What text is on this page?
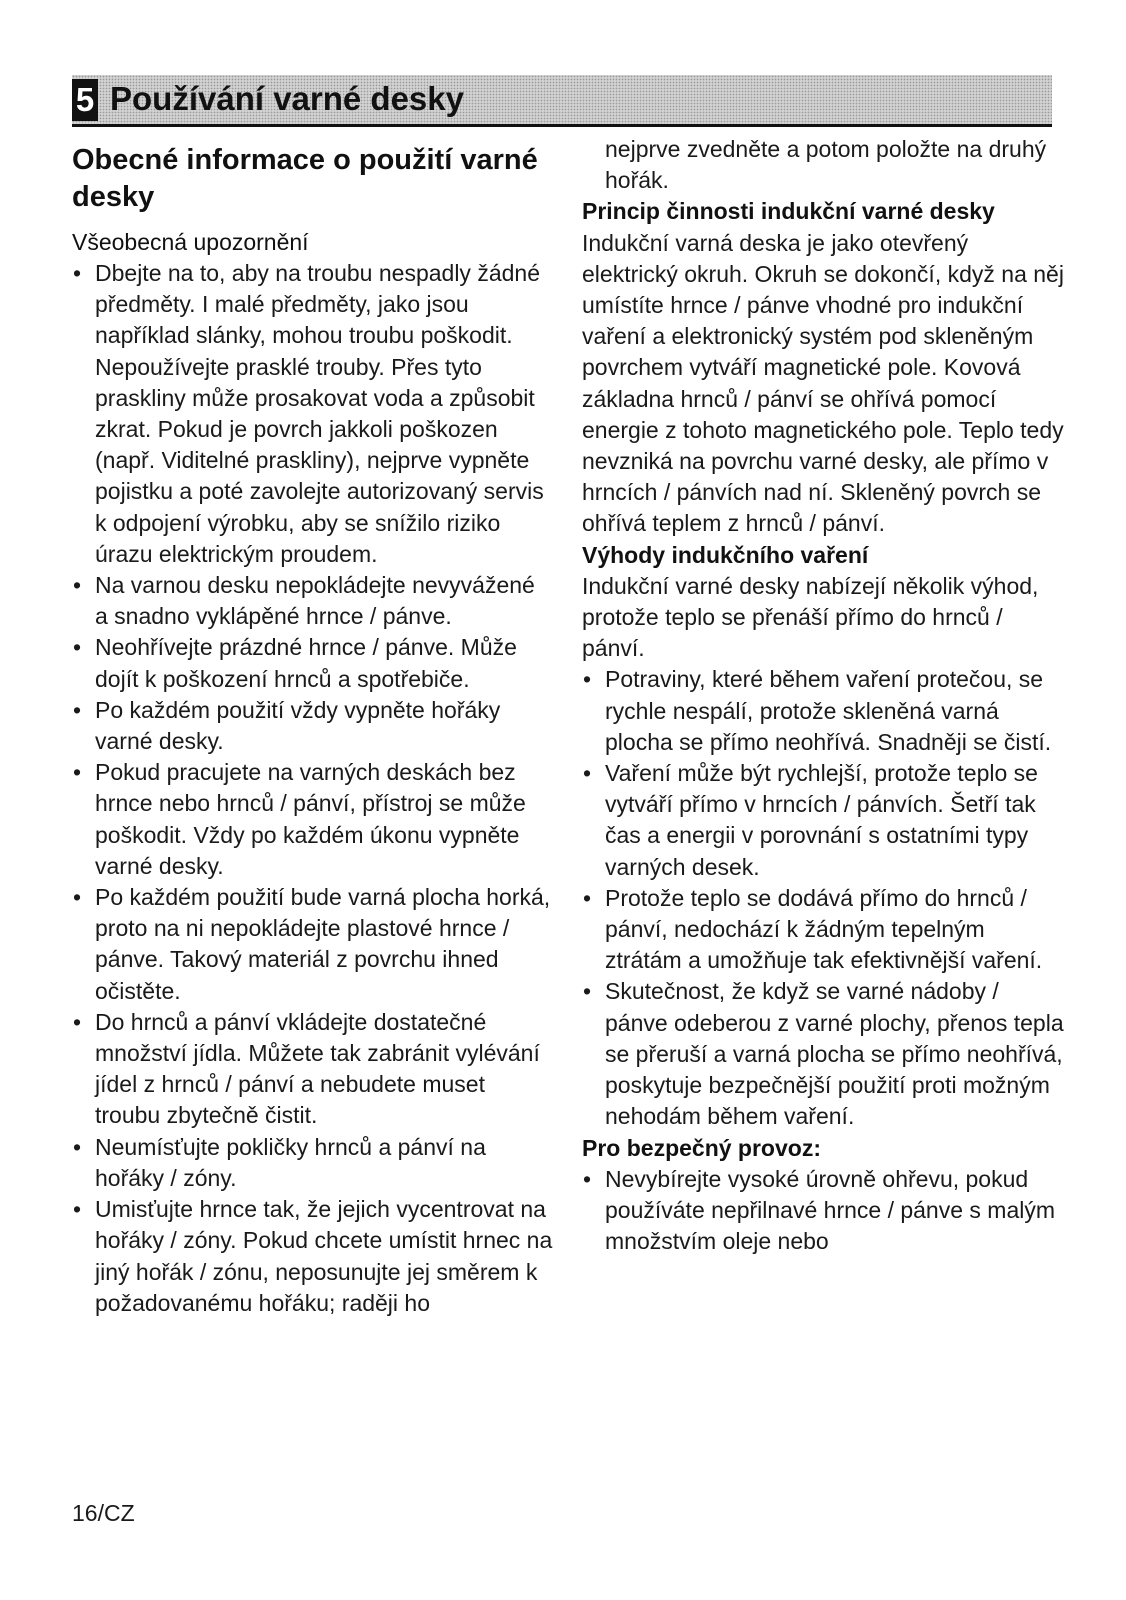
5 Používání varné desky
Obecné informace o použití varné desky
Všeobecná upozornění
• Dbejte na to, aby na troubu nespadly žádné předměty. I malé předměty, jako jsou například slánky, mohou troubu poškodit. Nepoužívejte prasklé trouby. Přes tyto praskliny může prosakovat voda a způsobit zkrat. Pokud je povrch jakkoli poškozen (např. Viditelné praskliny), nejprve vypněte pojistku a poté zavolejte autorizovaný servis k odpojení výrobku, aby se snížilo riziko úrazu elektrickým proudem.
• Na varnou desku nepokládejte nevyvážené a snadno vyklápěné hrnce / pánve.
• Neohřívejte prázdné hrnce / pánve. Může dojít k poškození hrnců a spotřebiče.
• Po každém použití vždy vypněte hořáky varné desky.
• Pokud pracujete na varných deskách bez hrnce nebo hrnců / pánví, přístroj se může poškodit. Vždy po každém úkonu vypněte varné desky.
• Po každém použití bude varná plocha horká, proto na ni nepokládejte plastové hrnce / pánve. Takový materiál z povrchu ihned očistěte.
• Do hrnců a pánví vkládejte dostatečné množství jídla. Můžete tak zabránit vylévání jídel z hrnců / pánví a nebudete muset troubu zbytečně čistit.
• Neumísťujte pokličky hrnců a pánví na hořáky / zóny.
• Umisťujte hrnce tak, že jejich vycentrovat na hořáky / zóny. Pokud chcete umístit hrnec na jiný hořák / zónu, neposunujte jej směrem k požadovanému hořáku; raději ho

nejprve zvedněte a potom položte na druhý hořák.

Princip činnosti indukční varné desky

Indukční varná deska je jako otevřený elektrický okruh. Okruh se dokončí, když na něj umístíte hrnce / pánve vhodné pro indukční vaření a elektronický systém pod skleněným povrchem vytváří magnetické pole. Kovová základna hrnců / pánví se ohřívá pomocí energie z tohoto magnetického pole. Teplo tedy nevzniká na povrchu varné desky, ale přímo v hrncích / pánvích nad ní. Skleněný povrch se ohřívá teplem z hrnců / pánví.

Výhody indukčního vaření

Indukční varné desky nabízejí několik výhod, protože teplo se přenáší přímo do hrnců / pánví.

• Potraviny, které během vaření protečou, se rychle nespálí, protože skleněná varná plocha se přímo neohřívá. Snadněji se čistí.
• Vaření může být rychlejší, protože teplo se vytváří přímo v hrncích / pánvích. Šetří tak čas a energii v porovnání s ostatními typy varných desek.
• Protože teplo se dodává přímo do hrnců / pánví, nedochází k žádným tepelným ztrátám a umožňuje tak efektivnější vaření.
• Skutečnost, že když se varné nádoby / pánve odeberou z varné plochy, přenos tepla se přeruší a varná plocha se přímo neohřívá, poskytuje bezpečnější použití proti možným nehodám během vaření.
Pro bezpečný provoz:
• Nevybírejte vysoké úrovně ohřevu, pokud používáte nepřilnavé hrnce / pánve s malým množstvím oleje nebo
16/CZ
